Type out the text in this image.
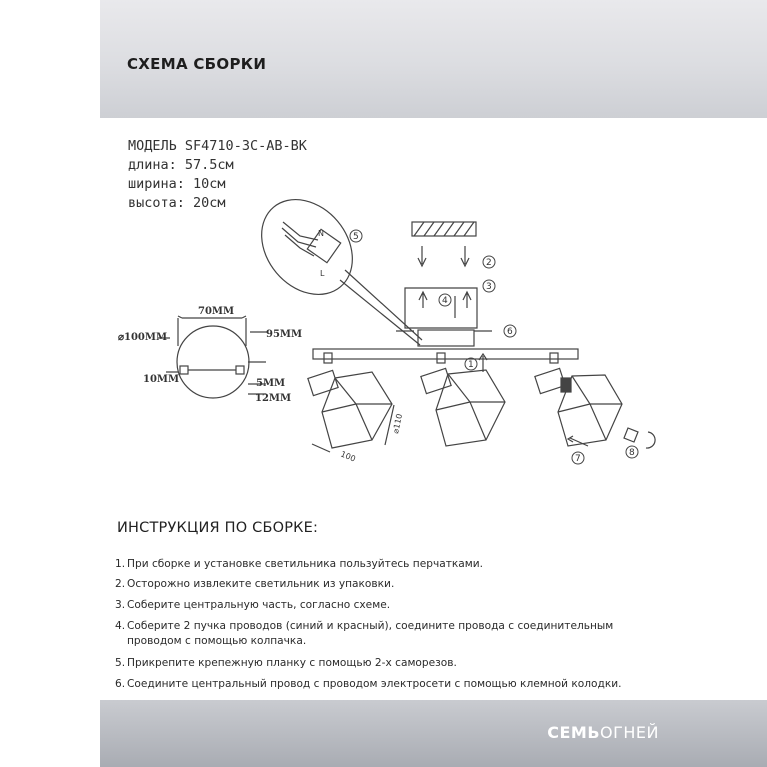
СХЕМА СБОРКИ
МОДЕЛЬ SF4710-3C-AB-BK
длина: 57.5см
ширина: 10см
высота: 20см
70MM
⌀100MM	95MM
10MM	5MM
12MM
100
⌀110
N
L
5
2
3
4
6
1
7
8
ИНСТРУКЦИЯ ПО СБОРКЕ:
1. При сборке и установке светильника пользуйтесь перчатками.
2. Осторожно извлеките светильник из упаковки.
3. Соберите центральную часть, согласно схеме.
4. Соберите 2 пучка проводов (синий и красный), соедините провода с соединительным
проводом с помощью колпачка.
5. Прикрепите крепежную планку с помощью 2-х саморезов.
6. Соедините центральный провод с проводом электросети с помощью клемной колодки.
СЕМЬОГНЕЙ
